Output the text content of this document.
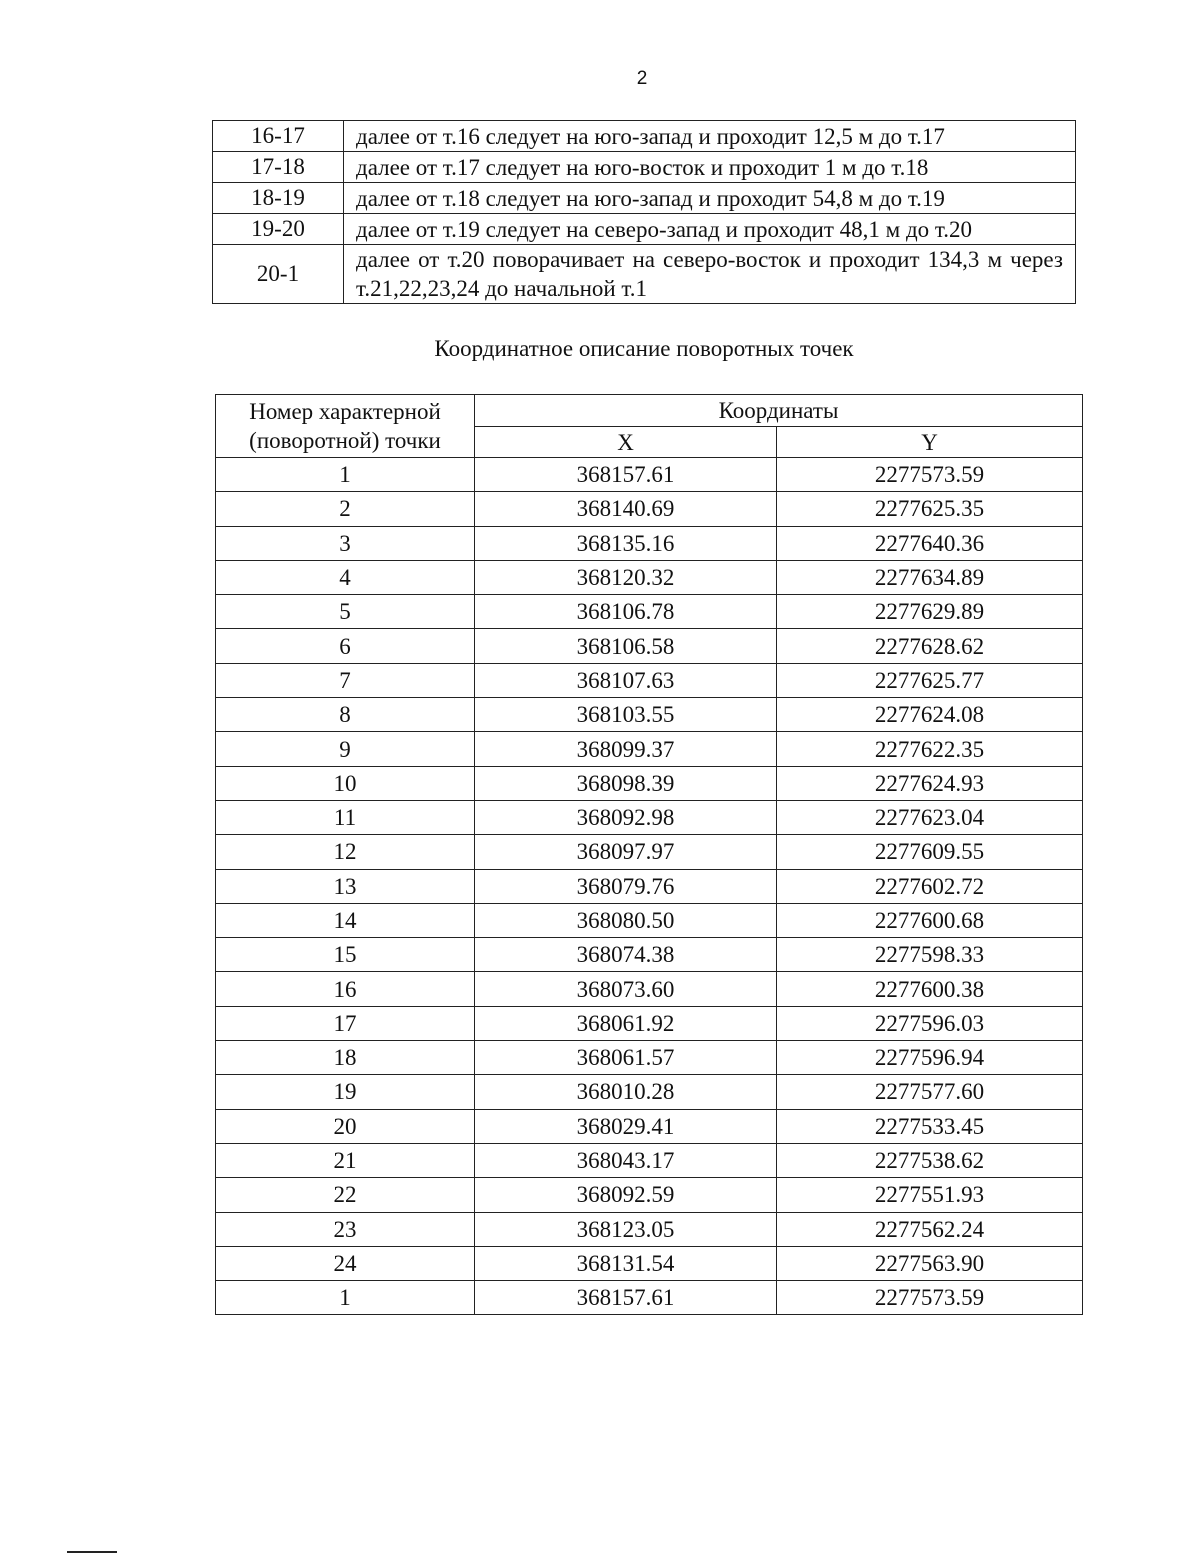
2
16-17	далее от т.16 следует на юго-запад и проходит 12,5 м до т.17
17-18	далее от т.17 следует на юго-восток и проходит 1 м до т.18
18-19	далее от т.18 следует на юго-запад и проходит 54,8 м до т.19
19-20	далее от т.19 следует на северо-запад и проходит 48,1 м до т.20
20-1	далее от т.20 поворачивает на северо-восток и проходит 134,3 м через т.21,22,23,24 до начальной т.1
Координатное описание поворотных точек
Номер характерной (поворотной) точки	Координаты	
	X	Y
1	368157.61	2277573.59
2	368140.69	2277625.35
3	368135.16	2277640.36
4	368120.32	2277634.89
5	368106.78	2277629.89
6	368106.58	2277628.62
7	368107.63	2277625.77
8	368103.55	2277624.08
9	368099.37	2277622.35
10	368098.39	2277624.93
11	368092.98	2277623.04
12	368097.97	2277609.55
13	368079.76	2277602.72
14	368080.50	2277600.68
15	368074.38	2277598.33
16	368073.60	2277600.38
17	368061.92	2277596.03
18	368061.57	2277596.94
19	368010.28	2277577.60
20	368029.41	2277533.45
21	368043.17	2277538.62
22	368092.59	2277551.93
23	368123.05	2277562.24
24	368131.54	2277563.90
1	368157.61	2277573.59
